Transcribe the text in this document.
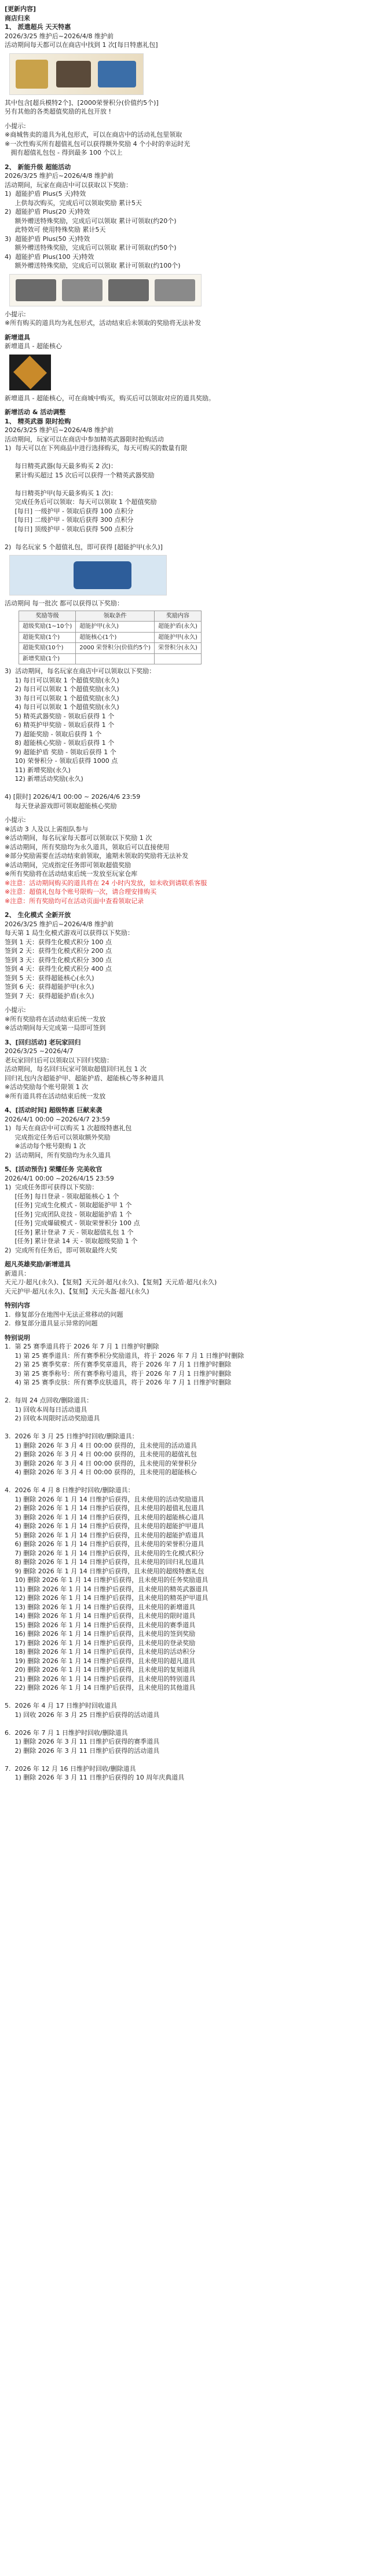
[更新内容]
商店归来
1、 派遣超兵 天天特惠
2026/3/25 维护后~2026/4/8 维护前
活动期间每天都可以在商店中找到 1 次[每日特惠礼包]
其中包含[超兵模特2个]、[2000荣誉积分(价值约5个)]
另有其他的各类超值奖励的礼包开放 !
小提示:
※商城售卖的道具为礼包形式，可以在商店中的活动礼包里领取
※一次性购买所有超值礼包可以获得额外奖励 4 个小时的幸运时光
拥有超值礼包包 - 得到最多 100 个以上
2、 新能升级 超能活动
2026/3/25 维护后~2026/4/8 维护前
活动期间，玩家在商店中可以获取以下奖励：
1)  超能护盾 Plus(5 天)特效
上供每次购买，完成后可以领取奖励 累计5天
2)  超能护盾 Plus(20 天)特效
额外赠送特殊奖励，完成后可以领取 累计可领取(约20个)
此特效可 使用特殊奖励 累计5天
3)  超能护盾 Plus(50 天)特效
额外赠送特殊奖励，完成后可以领取 累计可领取(约50个)
4)  超能护盾 Plus(100 天)特效
额外赠送特殊奖励，完成后可以领取 累计可领取(约100个)
小提示:
※所有购买的道具均为礼包形式，活动结束后未领取的奖励将无法补发
新增道具
新增道具 - 超能核心
新增道具 - 超能核心，可在商城中购买，购买后可以领取对应的道具奖励。
新增活动 & 活动调整
1、 精英武器 限时抢购
2026/3/25 维护后~2026/4/8 维护前
活动期间，玩家可以在商店中参加精英武器限时抢购活动
1)  每天可以在下列商品中进行选择购买，每天可购买的数量有限
每日精英武器(每天最多购买 2 次)：
累计购买超过 15 次后可以获得一个精英武器奖励
每日精英护甲(每天最多购买 1 次)：
完成任务后可以领取：每天可以领取 1 个超值奖励
[每日] 一级护甲 - 领取后获得 100 点积分
[每日] 二级护甲 - 领取后获得 300 点积分
[每日] 顶级护甲 - 领取后获得 500 点积分
2)  每名玩家 5 个超值礼包，即可获得 [超能护甲(永久)]
活动期间 每一批次 都可以获得以下奖励：
奖励等级	领取条件	奖励内容
超级奖励(1~10个)	超能护甲(永久)	超能护盾(永久)
超能奖励(1个)	超能核心(1个)	超能护甲(永久)
超能奖励(10个)	2000 荣誉积分(价值约5个)	荣誉积分(永久)
新增奖励(1个)		
3)  活动期间，每名玩家在商店中可以领取以下奖励：
1) 每日可以领取 1 个超值奖励(永久)
2) 每日可以领取 1 个超值奖励(永久)
3) 每日可以领取 1 个超值奖励(永久)
4) 每日可以领取 1 个超值奖励(永久)
5) 精英武器奖励 - 领取后获得 1 个
6) 精英护甲奖励 - 领取后获得 1 个
7) 超能奖励 - 领取后获得 1 个
8) 超能核心奖励 - 领取后获得 1 个
9) 超能护盾 奖励 - 领取后获得 1 个
10) 荣誉积分 - 领取后获得 1000 点
11) 新增奖励(永久)
12) 新增活动奖励(永久)
4) [限时] 2026/4/1 00:00 ~ 2026/4/6 23:59
每天登录游戏即可领取超能核心奖励
小提示:
※活动 3 人及以上需组队参与
※活动期间，每名玩家每天都可以领取以下奖励 1 次
※活动期间，所有奖励均为永久道具，领取后可以直接使用
※部分奖励需要在活动结束前领取，逾期未领取的奖励将无法补发
※活动期间，完成指定任务即可领取超值奖励
※所有奖励将在活动结束后统一发放至玩家仓库
※注意：活动期间购买的道具将在 24 小时内发放，如未收到请联系客服
※注意：超值礼包每个账号限购一次，请合理安排购买
※注意：所有奖励均可在活动页面中查看领取记录
2、 生化模式 全新开放
2026/3/25 维护后~2026/4/8 维护前
每天第 1 局生化模式游戏可以获得以下奖励：
签到 1 天：获得生化模式积分 100 点
签到 2 天：获得生化模式积分 200 点
签到 3 天：获得生化模式积分 300 点
签到 4 天：获得生化模式积分 400 点
签到 5 天：获得超能核心(永久)
签到 6 天：获得超能护甲(永久)
签到 7 天：获得超能护盾(永久)
小提示:
※所有奖励将在活动结束后统一发放
※活动期间每天完成第一局即可签到
3、[回归活动] 老玩家回归
2026/3/25 ~2026/4/7
老玩家回归后可以领取以下回归奖励：
活动期间，每名回归玩家可领取超值回归礼包 1 次
回归礼包内含超能护甲、超能护盾、超能核心等多种道具
※活动奖励每个账号限领 1 次
※所有道具将在活动结束后统一发放
4、[活动时间] 超级特惠 巨献来袭
2026/4/1 00:00 ~2026/4/7 23:59
1)  每天在商店中可以购买 1 次超级特惠礼包
完成指定任务后可以领取额外奖励
※活动每个账号限购 1 次
2)  活动期间，所有奖励均为永久道具
5、[活动预告] 荣耀任务 完美收官
2026/4/1 00:00 ~2026/4/15 23:59
1)  完成任务即可获得以下奖励：
[任务] 每日登录 - 领取超能核心 1 个
[任务] 完成生化模式 - 领取超能护甲 1 个
[任务] 完成团队竞技 - 领取超能护盾 1 个
[任务] 完成爆破模式 - 领取荣誉积分 100 点
[任务] 累计登录 7 天 - 领取超值礼包 1 个
[任务] 累计登录 14 天 - 领取超级奖励 1 个
2)  完成所有任务后，即可领取最终大奖
超凡英雄奖励/新增道具
新道具：
天元刀·超凡(永久)、【复刻】天元剑·超凡(永久)、【复刻】天元盾·超凡(永久)
天元护甲·超凡(永久)、【复刻】天元头盔·超凡(永久)
特别内容
1.  修复部分在地图中无法正常移动的问题
2.  修复部分道具显示异常的问题
特别说明
1.  第 25 赛季道具将于 2026 年 7 月 1 日维护时删除
1) 第 25 赛季道具：所有赛季积分奖励道具，将于 2026 年 7 月 1 日维护时删除
2) 第 25 赛季奖章：所有赛季奖章道具，将于 2026 年 7 月 1 日维护时删除
3) 第 25 赛季称号：所有赛季称号道具，将于 2026 年 7 月 1 日维护时删除
4) 第 25 赛季皮肤：所有赛季皮肤道具，将于 2026 年 7 月 1 日维护时删除
2.  每周 24 点回收/删除道具：
1) 回收本周每日活动道具
2) 回收本周限时活动奖励道具
3.  2026 年 3 月 25 日维护时回收/删除道具：
1) 删除 2026 年 3 月 4 日 00:00 获得的，且未使用的活动道具
2) 删除 2026 年 3 月 4 日 00:00 获得的，且未使用的超值礼包
3) 删除 2026 年 3 月 4 日 00:00 获得的，且未使用的荣誉积分
4) 删除 2026 年 3 月 4 日 00:00 获得的，且未使用的超能核心
4.  2026 年 4 月 8 日维护时回收/删除道具：
1) 删除 2026 年 1 月 14 日维护后获得，且未使用的活动奖励道具
2) 删除 2026 年 1 月 14 日维护后获得，且未使用的超值礼包道具
3) 删除 2026 年 1 月 14 日维护后获得，且未使用的超能核心道具
4) 删除 2026 年 1 月 14 日维护后获得，且未使用的超能护甲道具
5) 删除 2026 年 1 月 14 日维护后获得，且未使用的超能护盾道具
6) 删除 2026 年 1 月 14 日维护后获得，且未使用的荣誉积分道具
7) 删除 2026 年 1 月 14 日维护后获得，且未使用的生化模式积分
8) 删除 2026 年 1 月 14 日维护后获得，且未使用的回归礼包道具
9) 删除 2026 年 1 月 14 日维护后获得，且未使用的超级特惠礼包
10) 删除 2026 年 1 月 14 日维护后获得，且未使用的任务奖励道具
11) 删除 2026 年 1 月 14 日维护后获得，且未使用的精英武器道具
12) 删除 2026 年 1 月 14 日维护后获得，且未使用的精英护甲道具
13) 删除 2026 年 1 月 14 日维护后获得，且未使用的新增道具
14) 删除 2026 年 1 月 14 日维护后获得，且未使用的限时道具
15) 删除 2026 年 1 月 14 日维护后获得，且未使用的赛季道具
16) 删除 2026 年 1 月 14 日维护后获得，且未使用的签到奖励
17) 删除 2026 年 1 月 14 日维护后获得，且未使用的登录奖励
18) 删除 2026 年 1 月 14 日维护后获得，且未使用的活动积分
19) 删除 2026 年 1 月 14 日维护后获得，且未使用的超凡道具
20) 删除 2026 年 1 月 14 日维护后获得，且未使用的复刻道具
21) 删除 2026 年 1 月 14 日维护后获得，且未使用的特别道具
22) 删除 2026 年 1 月 14 日维护后获得，且未使用的其他道具
5.  2026 年 4 月 17 日维护时回收道具
1) 回收 2026 年 3 月 25 日维护后获得的活动道具
6.  2026 年 7 月 1 日维护时回收/删除道具
1) 删除 2026 年 3 月 11 日维护后获得的赛季道具
2) 删除 2026 年 3 月 11 日维护后获得的活动道具
7.  2026 年 12 月 16 日维护时回收/删除道具
1) 删除 2026 年 3 月 11 日维护后获得的 10 周年庆典道具
